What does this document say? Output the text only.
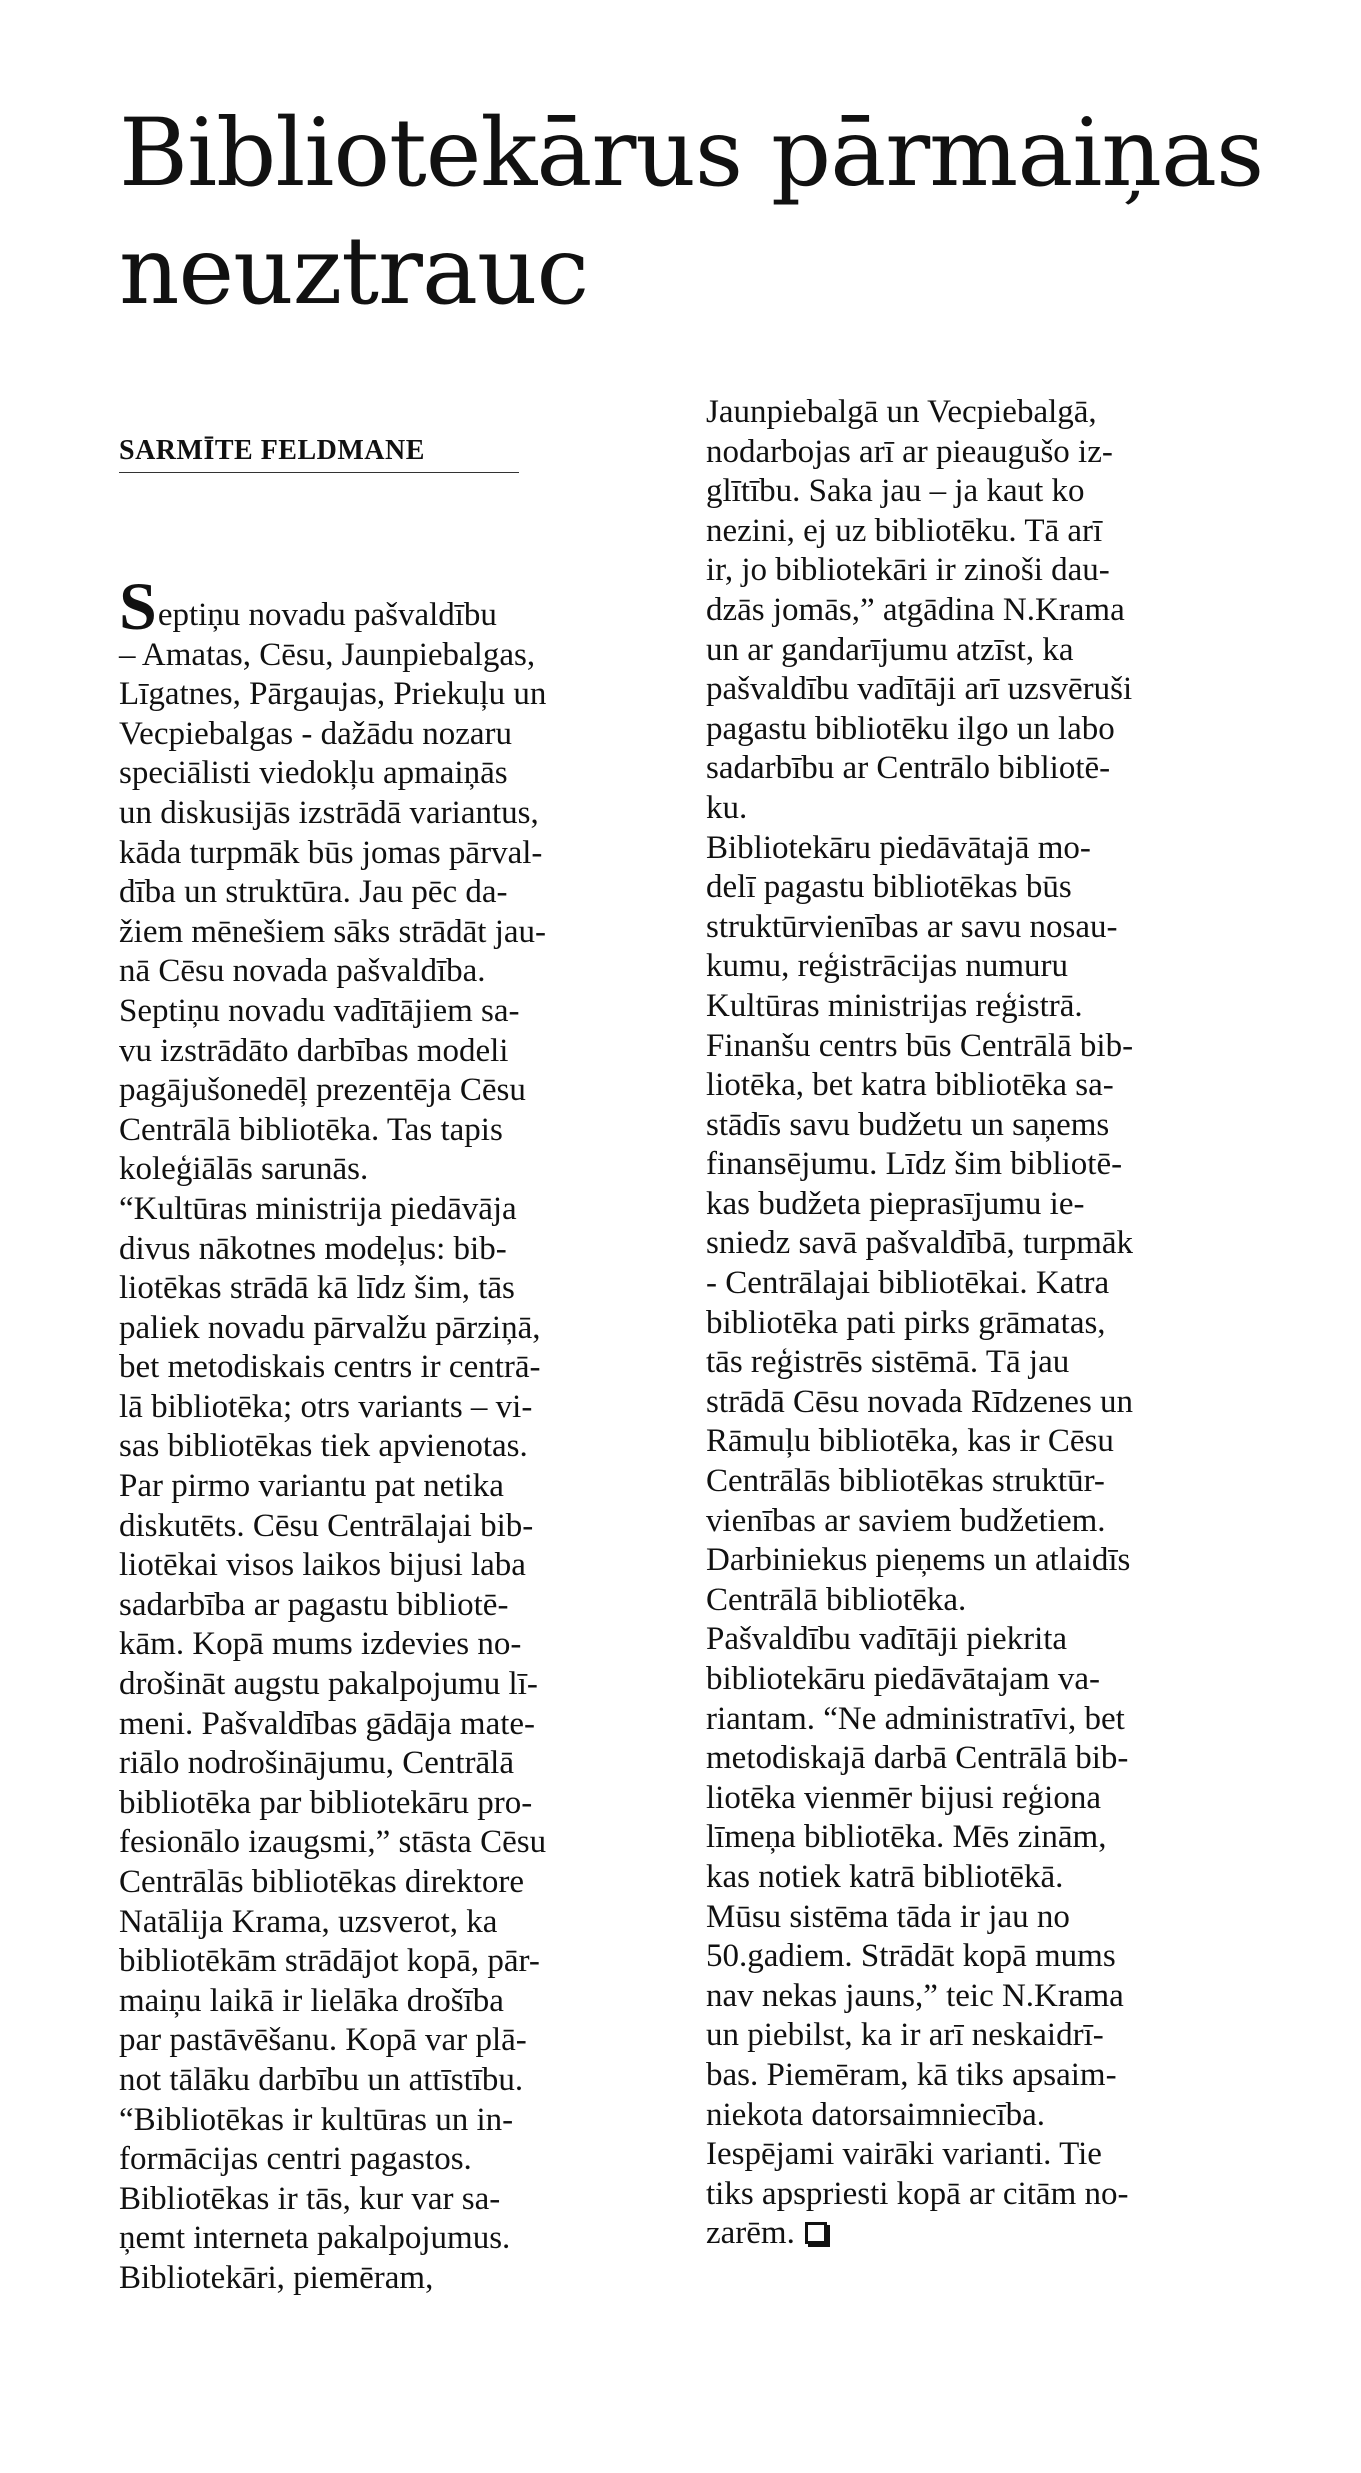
Bibliotekārus pārmaiņas neuztrauc
SARMĪTE FELDMANE
Septiņu novadu pašvaldību
– Amatas, Cēsu, Jaunpiebalgas,
Līgatnes, Pārgaujas, Priekuļu un
Vecpiebalgas - dažādu nozaru
speciālisti viedokļu apmaiņās
un diskusijās izstrādā variantus,
kāda turpmāk būs jomas pārval-
dība un struktūra. Jau pēc da-
žiem mēnešiem sāks strādāt jau-
nā Cēsu novada pašvaldība.
Septiņu novadu vadītājiem sa-
vu izstrādāto darbības modeli
pagājušonedēļ prezentēja Cēsu
Centrālā bibliotēka. Tas tapis
koleģiālās sarunās.
“Kultūras ministrija piedāvāja
divus nākotnes modeļus: bib-
liotēkas strādā kā līdz šim, tās
paliek novadu pārvalžu pārziņā,
bet metodiskais centrs ir centrā-
lā bibliotēka; otrs variants – vi-
sas bibliotēkas tiek apvienotas.
Par pirmo variantu pat netika
diskutēts. Cēsu Centrālajai bib-
liotēkai visos laikos bijusi laba
sadarbība ar pagastu bibliotē-
kām. Kopā mums izdevies no-
drošināt augstu pakalpojumu lī-
meni. Pašvaldības gādāja mate-
riālo nodrošinājumu, Centrālā
bibliotēka par bibliotekāru pro-
fesionālo izaugsmi,” stāsta Cēsu
Centrālās bibliotēkas direktore
Natālija Krama, uzsverot, ka
bibliotēkām strādājot kopā, pār-
maiņu laikā ir lielāka drošība
par pastāvēšanu. Kopā var plā-
not tālāku darbību un attīstību.
“Bibliotēkas ir kultūras un in-
formācijas centri pagastos.
Bibliotēkas ir tās, kur var sa-
ņemt interneta pakalpojumus.
Bibliotekāri, piemēram,
Jaunpiebalgā un Vecpiebalgā,
nodarbojas arī ar pieaugušo iz-
glītību. Saka jau – ja kaut ko
nezini, ej uz bibliotēku. Tā arī
ir, jo bibliotekāri ir zinoši dau-
dzās jomās,” atgādina N.Krama
un ar gandarījumu atzīst, ka
pašvaldību vadītāji arī uzsvēruši
pagastu bibliotēku ilgo un labo
sadarbību ar Centrālo bibliotē-
ku.
Bibliotekāru piedāvātajā mo-
delī pagastu bibliotēkas būs
struktūrvienības ar savu nosau-
kumu, reģistrācijas numuru
Kultūras ministrijas reģistrā.
Finanšu centrs būs Centrālā bib-
liotēka, bet katra bibliotēka sa-
stādīs savu budžetu un saņems
finansējumu. Līdz šim bibliotē-
kas budžeta pieprasījumu ie-
sniedz savā pašvaldībā, turpmāk
- Centrālajai bibliotēkai. Katra
bibliotēka pati pirks grāmatas,
tās reģistrēs sistēmā. Tā jau
strādā Cēsu novada Rīdzenes un
Rāmuļu bibliotēka, kas ir Cēsu
Centrālās bibliotēkas struktūr-
vienības ar saviem budžetiem.
Darbiniekus pieņems un atlaidīs
Centrālā bibliotēka.
Pašvaldību vadītāji piekrita
bibliotekāru piedāvātajam va-
riantam. “Ne administratīvi, bet
metodiskajā darbā Centrālā bib-
liotēka vienmēr bijusi reģiona
līmeņa bibliotēka. Mēs zinām,
kas notiek katrā bibliotēkā.
Mūsu sistēma tāda ir jau no
50.gadiem. Strādāt kopā mums
nav nekas jauns,” teic N.Krama
un piebilst, ka ir arī neskaidrī-
bas. Piemēram, kā tiks apsaim-
niekota datorsaimniecība.
Iespējami vairāki varianti. Tie
tiks apspriesti kopā ar citām no-
zarēm.
